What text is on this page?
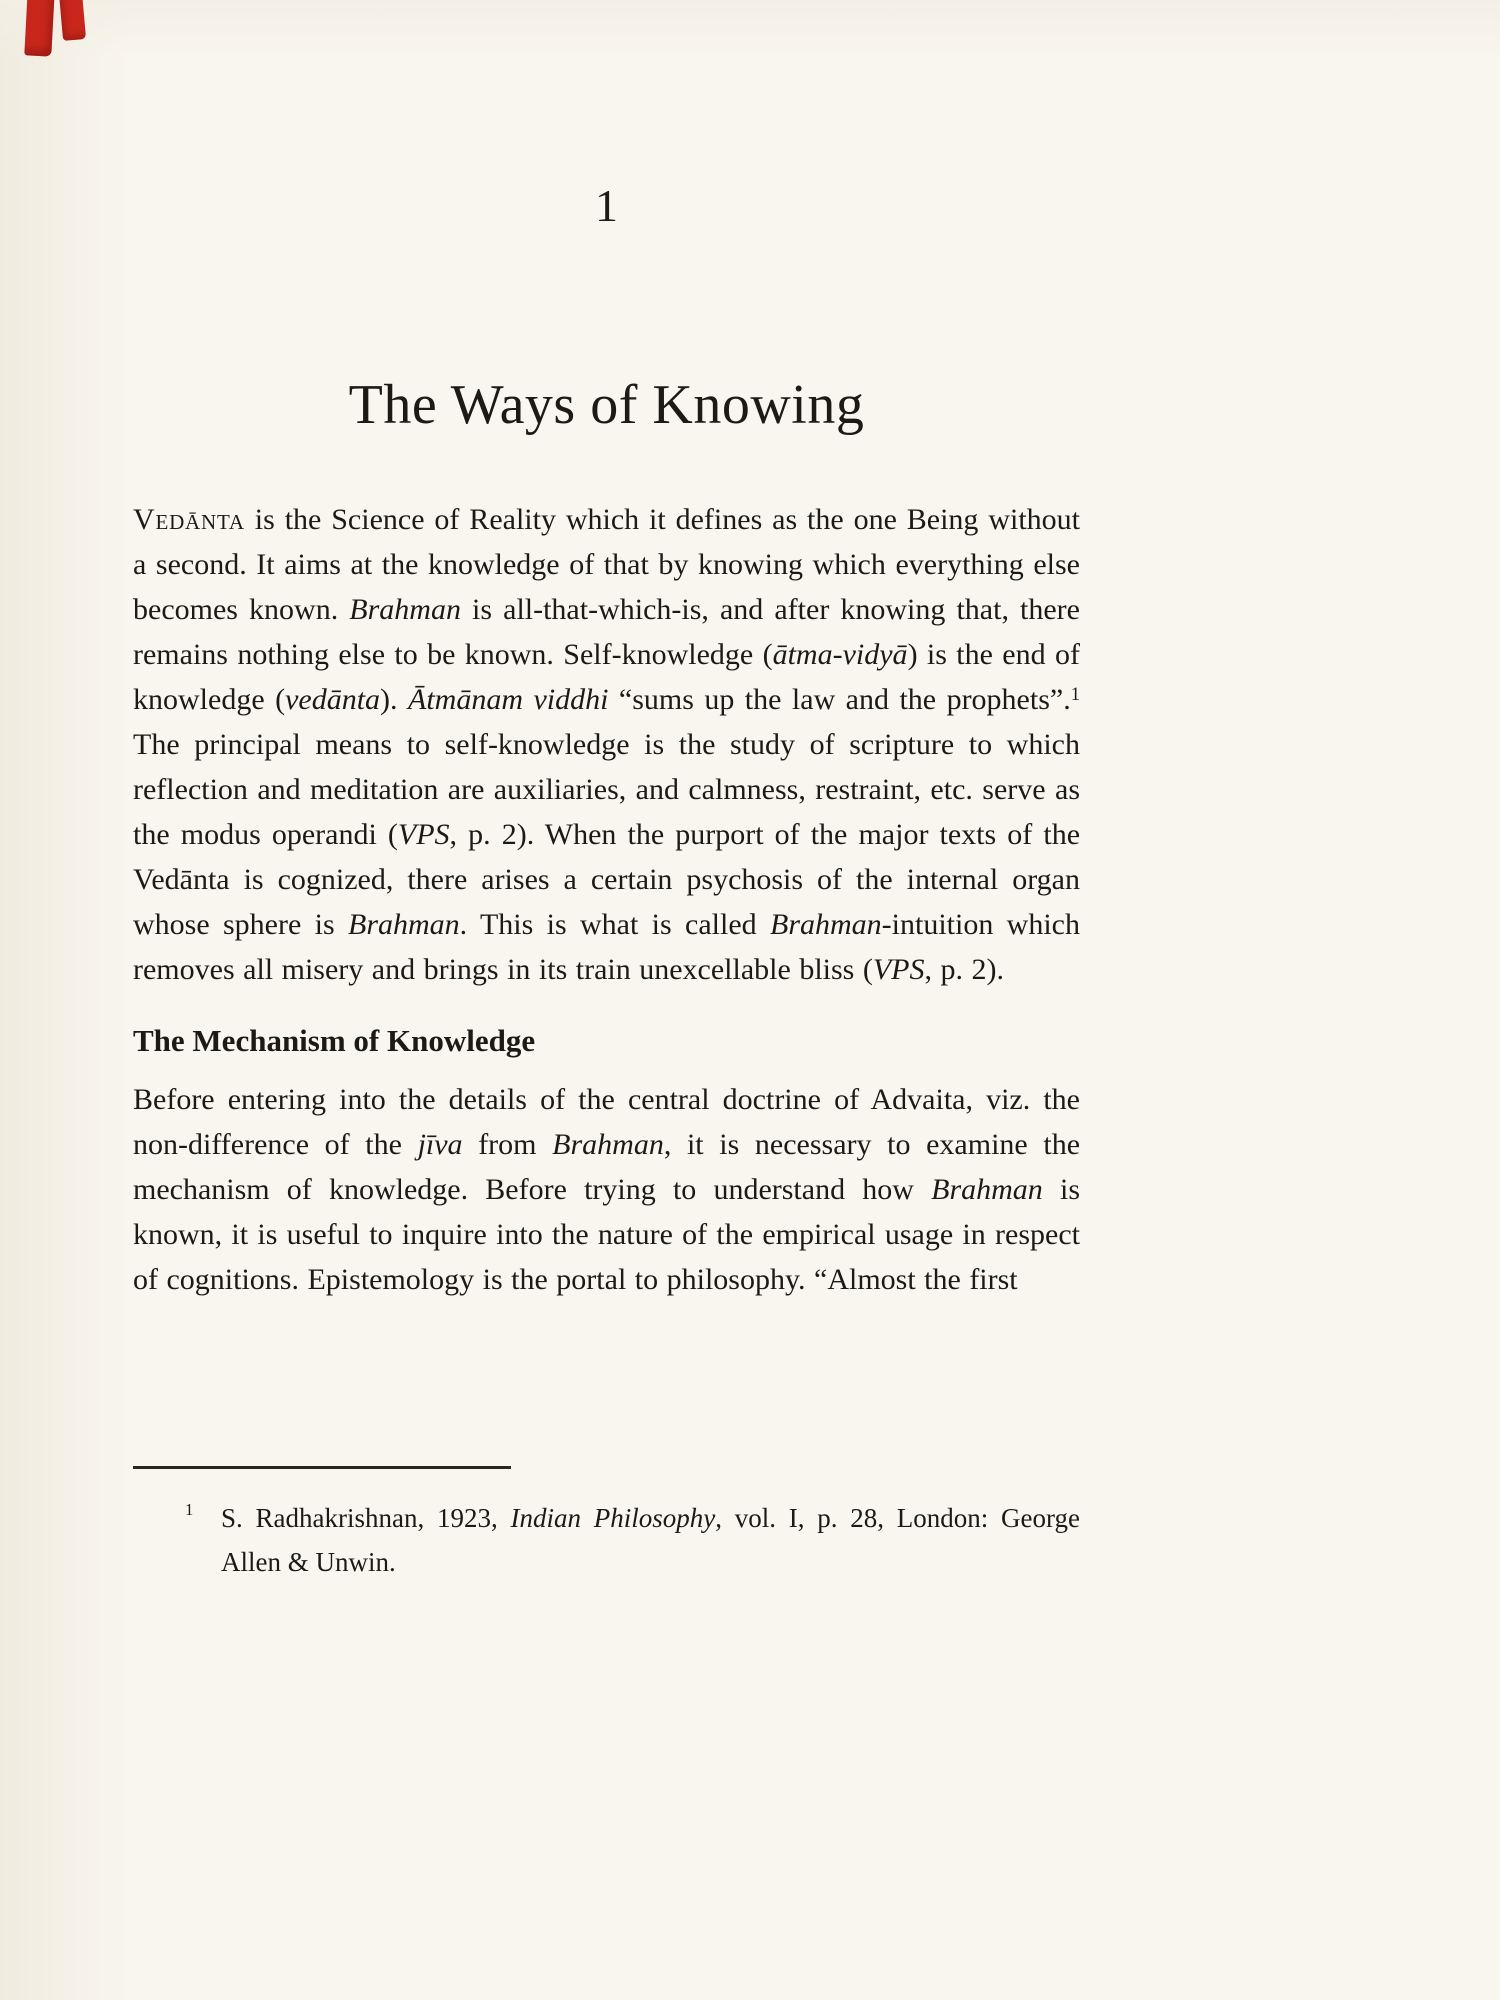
1
The Ways of Knowing

Vedānta is the Science of Reality which it defines as the one Being without a second. It aims at the knowledge of that by knowing which everything else becomes known. Brahman is all-that-which-is, and after knowing that, there remains nothing else to be known. Self-knowledge (ātma-vidyā) is the end of knowledge (vedānta). Ātmānam viddhi “sums up the law and the prophets”.$^1$ The principal means to self-knowledge is the study of scripture to which reflection and meditation are auxiliaries, and calmness, restraint, etc. serve as the modus operandi (VPS, p. 2). When the purport of the major texts of the Vedānta is cognized, there arises a certain psychosis of the internal organ whose sphere is Brahman. This is what is called Brahman-intuition which removes all misery and brings in its train unexcellable bliss (VPS, p. 2).

The Mechanism of Knowledge

Before entering into the details of the central doctrine of Advaita, viz. the non-difference of the jīva from Brahman, it is necessary to examine the mechanism of knowledge. Before trying to understand how Brahman is known, it is useful to inquire into the nature of the empirical usage in respect of cognitions. Epistemology is the portal to philosophy. “Almost the first

1 S. Radhakrishnan, 1923, Indian Philosophy, vol. I, p. 28, London: George Allen & Unwin.
